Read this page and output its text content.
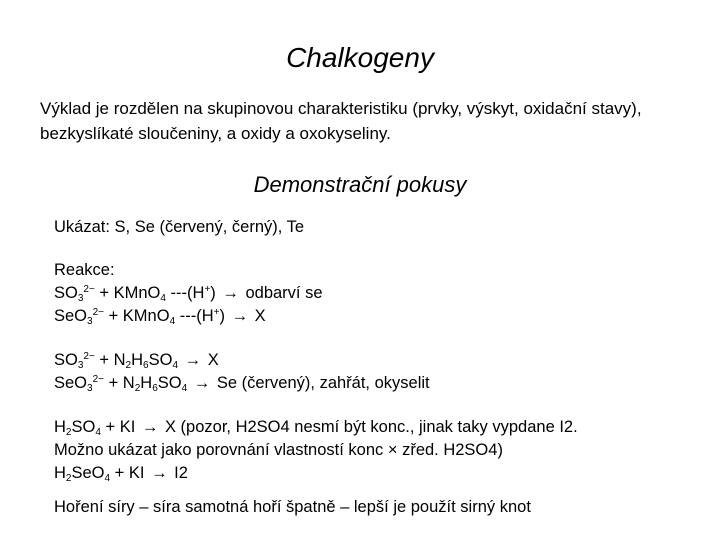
Chalkogeny
Výklad je rozdělen na skupinovou charakteristiku (prvky, výskyt, oxidační stavy),
bezkyslíkaté sloučeniny, a oxidy a oxokyseliny.
Demonstrační pokusy
Ukázat: S, Se (červený, černý), Te
Reakce:
$SO_3^{2-}$ + KMnO$_4$ ---(H+) → odbarví se
SeO$_3^{2-}$ + KMnO$_4$ ---(H+) → X
$SO_3^{2-} + N_2H_6SO_4 \to X$
$SeO_3^{2-} + N_2H_6SO_4 \to Se$ (červený), zahřát, okyselit
$H_2SO_4$ + KI → X (pozor, H2SO4 nesmí být konc., jinak taky vypdane I2.
Možno ukázat jako porovnání vlastností konc × zřed. H2SO4)
$H_2SeO_4$ + KI → I2
Hoření síry – síra samotná hoří špatně – lepší je použít sirný knot
